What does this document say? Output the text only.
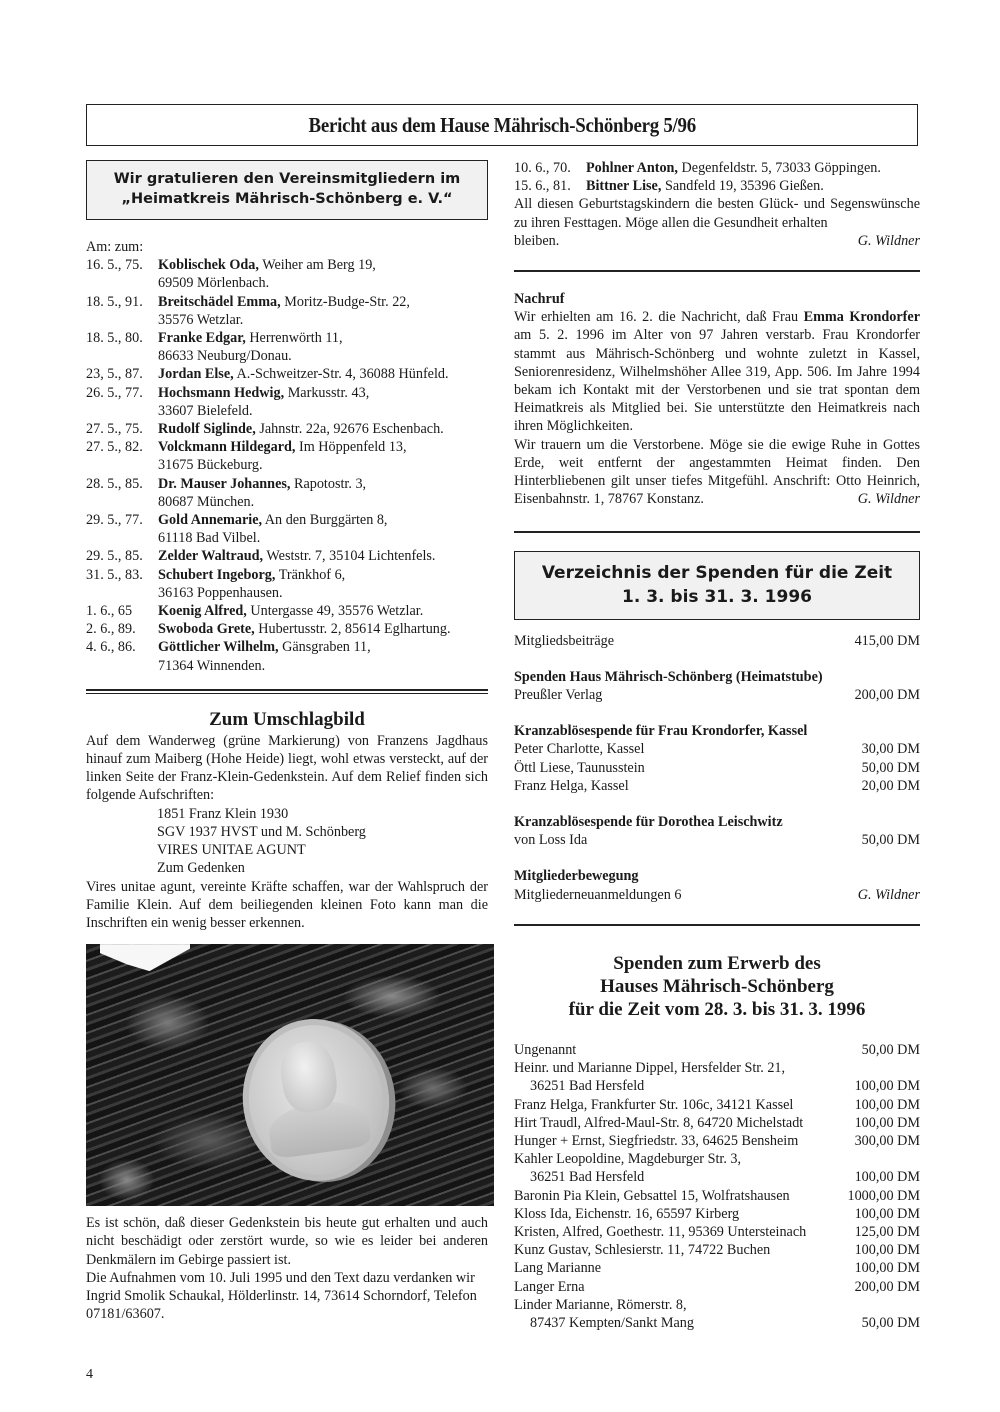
Bericht aus dem Hause Mährisch-Schönberg 5/96
Wir gratulieren den Vereinsmitgliedern im
„Heimatkreis Mährisch-Schönberg e. V.“
Am: zum:
16. 5., 75.	Koblischek Oda, Weiher am Berg 19,
69509 Mörlenbach.
18. 5., 91.	Breitschädel Emma, Moritz-Budge-Str. 22,
35576 Wetzlar.
18. 5., 80.	Franke Edgar, Herrenwörth 11,
86633 Neuburg/Donau.
23, 5., 87.	Jordan Else, A.-Schweitzer-Str. 4, 36088 Hünfeld.
26. 5., 77.	Hochsmann Hedwig, Markusstr. 43,
33607 Bielefeld.
27. 5., 75.	Rudolf Siglinde, Jahnstr. 22a, 92676 Eschenbach.
27. 5., 82.	Volckmann Hildegard, Im Höppenfeld 13,
31675 Bückeburg.
28. 5., 85.	Dr. Mauser Johannes, Rapotostr. 3,
80687 München.
29. 5., 77.	Gold Annemarie, An den Burggärten 8,
61118 Bad Vilbel.
29. 5., 85.	Zelder Waltraud, Weststr. 7, 35104 Lichtenfels.
31. 5., 83.	Schubert Ingeborg, Tränkhof 6,
36163 Poppenhausen.
1. 6., 65	Koenig Alfred, Untergasse 49, 35576 Wetzlar.
2. 6., 89.	Swoboda Grete, Hubertusstr. 2, 85614 Eglhartung.
4. 6., 86.	Göttlicher Wilhelm, Gänsgraben 11,
71364 Winnenden.
Zum Umschlagbild
Auf dem Wanderweg (grüne Markierung) von Franzens Jagdhaus hinauf zum Maiberg (Hohe Heide) liegt, wohl etwas versteckt, auf der linken Seite der Franz-Klein-Gedenkstein. Auf dem Relief finden sich folgende Aufschriften:
1851 Franz Klein 1930
SGV 1937 HVST und M. Schönberg
VIRES UNITAE AGUNT
Zum Gedenken
Vires unitae agunt, vereinte Kräfte schaffen, war der Wahlspruch der Familie Klein. Auf dem beiliegenden kleinen Foto kann man die Inschriften ein wenig besser erkennen.
Es ist schön, daß dieser Gedenkstein bis heute gut erhalten und auch nicht beschädigt oder zerstört wurde, so wie es leider bei anderen Denkmälern im Gebirge passiert ist.
Die Aufnahmen vom 10. Juli 1995 und den Text dazu verdanken wir Ingrid Smolik Schaukal, Hölderlinstr. 14, 73614 Schorndorf, Telefon 07181/63607.
10. 6., 70.	Pohlner Anton, Degenfeldstr. 5, 73033 Göppingen.
15. 6., 81.	Bittner Lise, Sandfeld 19, 35396 Gießen.
All diesen Geburtstagskindern die besten Glück- und Segenswünsche zu ihren Festtagen. Möge allen die Gesundheit erhalten
bleiben.	G. Wildner
Nachruf
Wir erhielten am 16. 2. die Nachricht, daß Frau Emma Krondorfer am 5. 2. 1996 im Alter von 97 Jahren verstarb. Frau Krondorfer stammt aus Mährisch-Schönberg und wohnte zuletzt in Kassel, Seniorenresidenz, Wilhelmshöher Allee 319, App. 506. Im Jahre 1994 bekam ich Kontakt mit der Verstorbenen und sie trat spontan dem Heimatkreis als Mitglied bei. Sie unterstützte den Heimatkreis nach ihren Möglichkeiten.
Wir trauern um die Verstorbene. Möge sie die ewige Ruhe in Gottes Erde, weit entfernt der angestammten Heimat finden. Den Hinterbliebenen gilt unser tiefes Mitgefühl. Anschrift: Otto Heinrich, Eisenbahnstr. 1, 78767 Konstanz.	G. Wildner
Verzeichnis der Spenden für die Zeit
1. 3. bis 31. 3. 1996
Mitgliedsbeiträge	415,00 DM
Spenden Haus Mährisch-Schönberg (Heimatstube)
Preußler Verlag	200,00 DM
Kranzablösespende für Frau Krondorfer, Kassel
Peter Charlotte, Kassel	30,00 DM
Öttl Liese, Taunusstein	50,00 DM
Franz Helga, Kassel	20,00 DM
Kranzablösespende für Dorothea Leischwitz
von Loss Ida	50,00 DM
Mitgliederbewegung
Mitgliederneuanmeldungen 6	G. Wildner
Spenden zum Erwerb des
Hauses Mährisch-Schönberg
für die Zeit vom 28. 3. bis 31. 3. 1996
Ungenannt	50,00 DM
Heinr. und Marianne Dippel, Hersfelder Str. 21,
36251 Bad Hersfeld	100,00 DM
Franz Helga, Frankfurter Str. 106c, 34121 Kassel	100,00 DM
Hirt Traudl, Alfred-Maul-Str. 8, 64720 Michelstadt	100,00 DM
Hunger + Ernst, Siegfriedstr. 33, 64625 Bensheim	300,00 DM
Kahler Leopoldine, Magdeburger Str. 3,
36251 Bad Hersfeld	100,00 DM
Baronin Pia Klein, Gebsattel 15, Wolfratshausen	1000,00 DM
Kloss Ida, Eichenstr. 16, 65597 Kirberg	100,00 DM
Kristen, Alfred, Goethestr. 11, 95369 Untersteinach	125,00 DM
Kunz Gustav, Schlesierstr. 11, 74722 Buchen	100,00 DM
Lang Marianne	100,00 DM
Langer Erna	200,00 DM
Linder Marianne, Römerstr. 8,
87437 Kempten/Sankt Mang	50,00 DM
4
